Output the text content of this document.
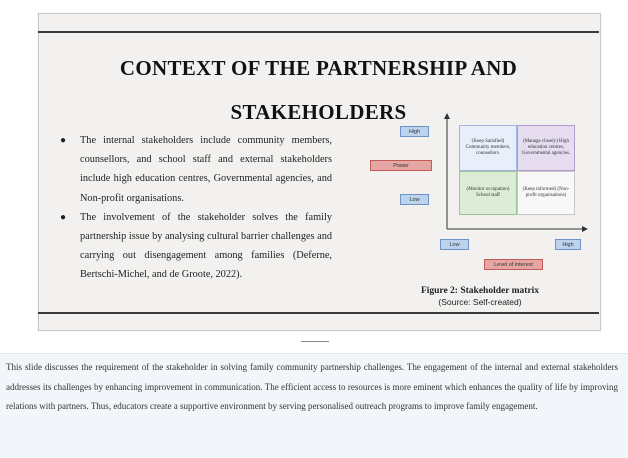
CONTEXT OF THE PARTNERSHIP AND STAKEHOLDERS
● The internal stakeholders include community members, counsellors, and school staff and external stakeholders include high education centres, Governmental agencies, and Non-profit organisations.
● The involvement of the stakeholder solves the family partnership issue by analysing cultural barrier challenges and carrying out disengagement among families (Deferne, Bertschi-Michel, and de Groote, 2022).
High
Power
Low
(Keep Satisfied) Community members, counsellors.
(Manage closely) High education centres, Governmental agencies.
(Monitor occupation) School staff
(Keep informed) (Non-profit organisations)
Low	High
Level of interest
Figure 2: Stakeholder matrix
(Source: Self-created)

This slide discusses the requirement of the stakeholder in solving family community partnership challenges. The engagement of the internal and external stakeholders addresses its challenges by enhancing improvement in communication. The efficient access to resources is more eminent which enhances the quality of life by improving relations with partners. Thus, educators create a supportive environment by serving personalised outreach programs to improve family engagement.
